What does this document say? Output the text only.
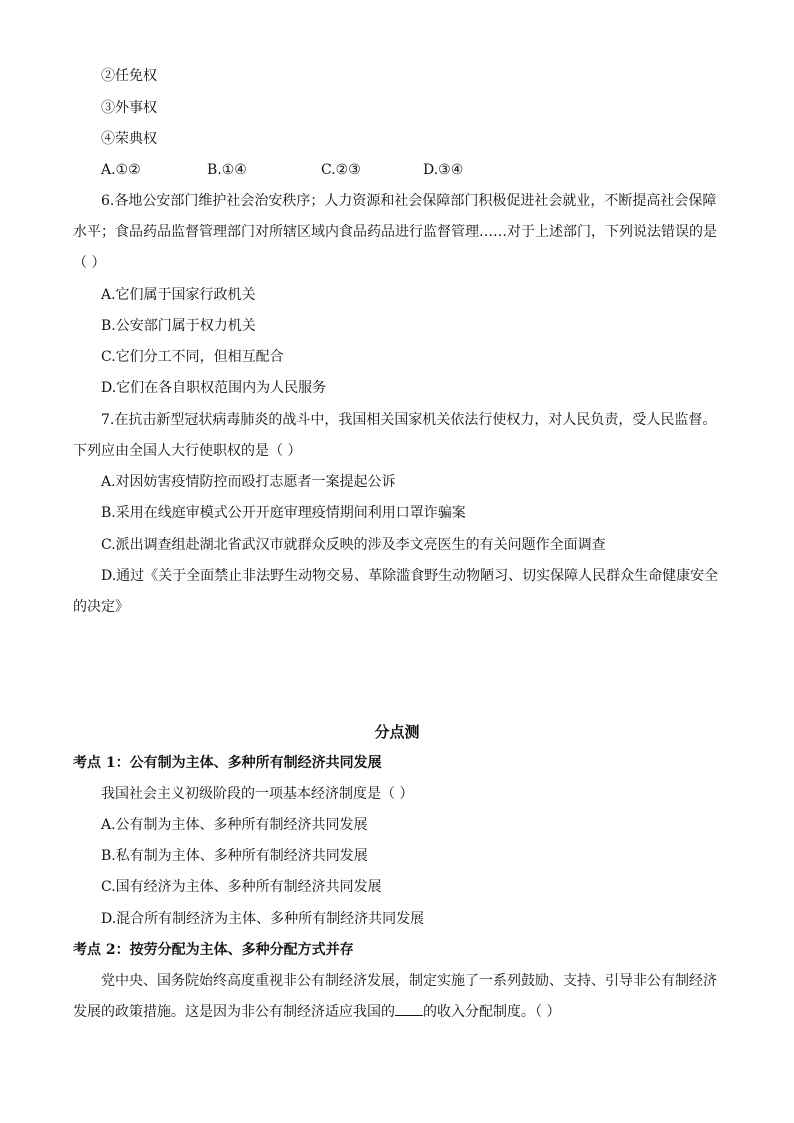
②任免权
③外事权
④荣典权
A.①②	B.①④	C.②③	D.③④
6.各地公安部门维护社会治安秩序；人力资源和社会保障部门积极促进社会就业，不断提高社会保障
水平；食品药品监督管理部门对所辖区域内食品药品进行监督管理……对于上述部门，下列说法错误的是
（ ）
A.它们属于国家行政机关
B.公安部门属于权力机关
C.它们分工不同，但相互配合
D.它们在各自职权范围内为人民服务
7.在抗击新型冠状病毒肺炎的战斗中，我国相关国家机关依法行使权力，对人民负责，受人民监督。
下列应由全国人大行使职权的是（ ）
A.对因妨害疫情防控而殴打志愿者一案提起公诉
B.采用在线庭审模式公开开庭审理疫情期间利用口罩诈骗案
C.派出调查组赴湖北省武汉市就群众反映的涉及李文亮医生的有关问题作全面调查
D.通过《关于全面禁止非法野生动物交易、革除滥食野生动物陋习、切实保障人民群众生命健康安全
的决定》
分点测
考点 1：公有制为主体、多种所有制经济共同发展
我国社会主义初级阶段的一项基本经济制度是（ ）
A.公有制为主体、多种所有制经济共同发展
B.私有制为主体、多种所有制经济共同发展
C.国有经济为主体、多种所有制经济共同发展
D.混合所有制经济为主体、多种所有制经济共同发展
考点 2：按劳分配为主体、多种分配方式并存
党中央、国务院始终高度重视非公有制经济发展，制定实施了一系列鼓励、支持、引导非公有制经济
发展的政策措施。这是因为非公有制经济适应我国的 的收入分配制度。（ ）
